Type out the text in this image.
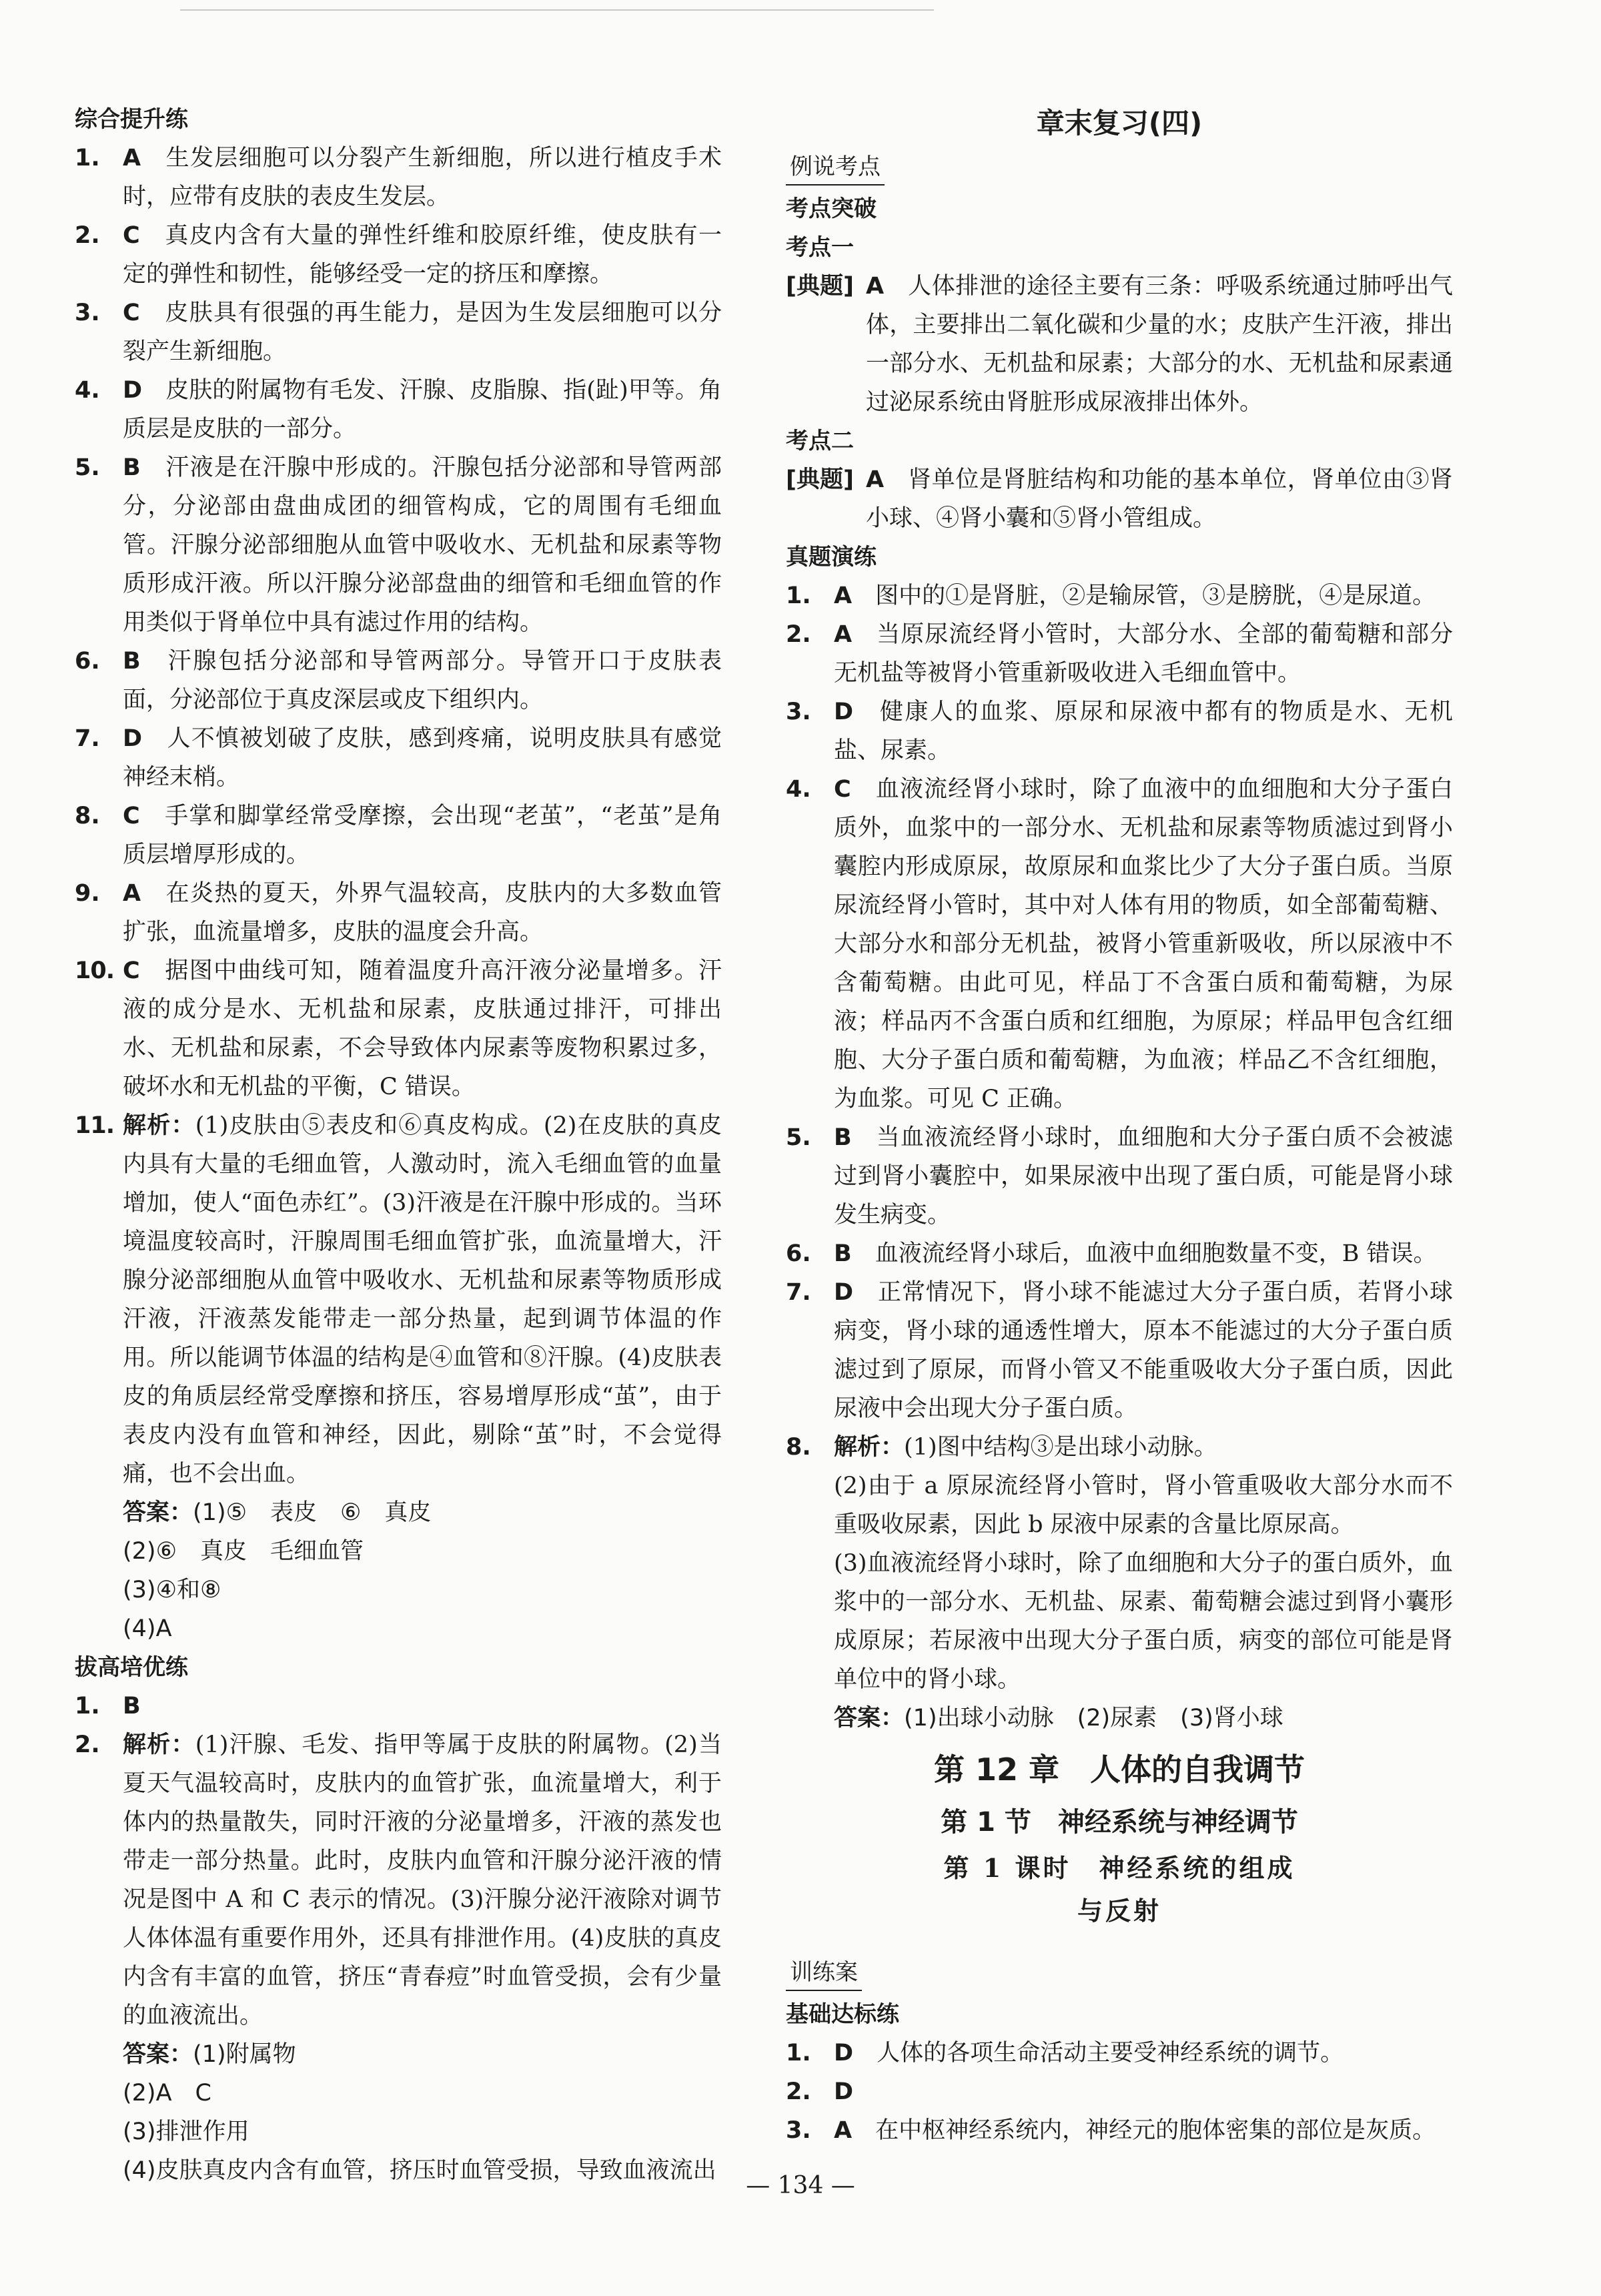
综合提升练
1. A　 生发层细胞可以分裂产生新细胞，所以进行植皮手术时，应带有皮肤的表皮生发层。
2. C　 真皮内含有大量的弹性纤维和胶原纤维，使皮肤有一定的弹性和韧性，能够经受一定的挤压和摩擦。
3. C　 皮肤具有很强的再生能力，是因为生发层细胞可以分裂产生新细胞。
4. D　 皮肤的附属物有毛发、汗腺、皮脂腺、指(趾)甲等。角质层是皮肤的一部分。
5. B　 汗液是在汗腺中形成的。汗腺包括分泌部和导管两部分，分泌部由盘曲成团的细管构成，它的周围有毛细血管。汗腺分泌部细胞从血管中吸收水、无机盐和尿素等物质形成汗液。所以汗腺分泌部盘曲的细管和毛细血管的作用类似于肾单位中具有滤过作用的结构。
6. B　 汗腺包括分泌部和导管两部分。导管开口于皮肤表面，分泌部位于真皮深层或皮下组织内。
7. D　 人不慎被划破了皮肤，感到疼痛，说明皮肤具有感觉神经末梢。
8. C　 手掌和脚掌经常受摩擦，会出现“老茧”，“老茧”是角质层增厚形成的。
9. A　 在炎热的夏天，外界气温较高，皮肤内的大多数血管扩张，血流量增多，皮肤的温度会升高。
10. C　 据图中曲线可知，随着温度升高汗液分泌量增多。汗液的成分是水、无机盐和尿素，皮肤通过排汗，可排出水、无机盐和尿素，不会导致体内尿素等废物积累过多，破坏水和无机盐的平衡，C 错误。
11. 解析：(1)皮肤由⑤表皮和⑥真皮构成。(2)在皮肤的真皮内具有大量的毛细血管，人激动时，流入毛细血管的血量增加，使人“面色赤红”。(3)汗液是在汗腺中形成的。当环境温度较高时，汗腺周围毛细血管扩张，血流量增大，汗腺分泌部细胞从血管中吸收水、无机盐和尿素等物质形成汗液，汗液蒸发能带走一部分热量，起到调节体温的作用。所以能调节体温的结构是④血管和⑧汗腺。(4)皮肤表皮的角质层经常受摩擦和挤压，容易增厚形成“茧”，由于表皮内没有血管和神经，因此，剔除“茧”时，不会觉得痛，也不会出血。
答案：(1)⑤　表皮　⑥　真皮
(2)⑥　真皮　毛细血管
(3)④和⑧
(4)A
拔高培优练
1. B
2. 解析：(1)汗腺、毛发、指甲等属于皮肤的附属物。(2)当夏天气温较高时，皮肤内的血管扩张，血流量增大，利于体内的热量散失，同时汗液的分泌量增多，汗液的蒸发也带走一部分热量。此时，皮肤内血管和汗腺分泌汗液的情况是图中 A 和 C 表示的情况。(3)汗腺分泌汗液除对调节人体体温有重要作用外，还具有排泄作用。(4)皮肤的真皮内含有丰富的血管，挤压“青春痘”时血管受损，会有少量的血液流出。
答案：(1)附属物
(2)A　C
(3)排泄作用
(4)皮肤真皮内含有血管，挤压时血管受损，导致血液流出
章末复习(四)
例说考点
考点突破
考点一
[典题] A　 人体排泄的途径主要有三条：呼吸系统通过肺呼出气体，主要排出二氧化碳和少量的水；皮肤产生汗液，排出一部分水、无机盐和尿素；大部分的水、无机盐和尿素通过泌尿系统由肾脏形成尿液排出体外。
考点二
[典题] A　 肾单位是肾脏结构和功能的基本单位，肾单位由③肾小球、④肾小囊和⑤肾小管组成。
真题演练
1. A　 图中的①是肾脏，②是输尿管，③是膀胱，④是尿道。
2. A　 当原尿流经肾小管时，大部分水、全部的葡萄糖和部分无机盐等被肾小管重新吸收进入毛细血管中。
3. D　 健康人的血浆、原尿和尿液中都有的物质是水、无机盐、尿素。
4. C　 血液流经肾小球时，除了血液中的血细胞和大分子蛋白质外，血浆中的一部分水、无机盐和尿素等物质滤过到肾小囊腔内形成原尿，故原尿和血浆比少了大分子蛋白质。当原尿流经肾小管时，其中对人体有用的物质，如全部葡萄糖、大部分水和部分无机盐，被肾小管重新吸收，所以尿液中不含葡萄糖。由此可见，样品丁不含蛋白质和葡萄糖，为尿液；样品丙不含蛋白质和红细胞，为原尿；样品甲包含红细胞、大分子蛋白质和葡萄糖，为血液；样品乙不含红细胞，为血浆。可见 C 正确。
5. B　 当血液流经肾小球时，血细胞和大分子蛋白质不会被滤过到肾小囊腔中，如果尿液中出现了蛋白质，可能是肾小球发生病变。
6. B　 血液流经肾小球后，血液中血细胞数量不变，B 错误。
7. D　 正常情况下，肾小球不能滤过大分子蛋白质，若肾小球病变，肾小球的通透性增大，原本不能滤过的大分子蛋白质滤过到了原尿，而肾小管又不能重吸收大分子蛋白质，因此尿液中会出现大分子蛋白质。
8. 解析：(1)图中结构③是出球小动脉。
(2)由于 a 原尿流经肾小管时，肾小管重吸收大部分水而不重吸收尿素，因此 b 尿液中尿素的含量比原尿高。
(3)血液流经肾小球时，除了血细胞和大分子的蛋白质外，血浆中的一部分水、无机盐、尿素、葡萄糖会滤过到肾小囊形成原尿；若尿液中出现大分子蛋白质，病变的部位可能是肾单位中的肾小球。
答案：(1)出球小动脉　(2)尿素　(3)肾小球
第 12 章　人体的自我调节
第 1 节　神经系统与神经调节
第 1 课时　神经系统的组成
与反射
训练案
基础达标练
1. D　 人体的各项生命活动主要受神经系统的调节。
2. D　
3. A　 在中枢神经系统内，神经元的胞体密集的部位是灰质。
— 134 —
